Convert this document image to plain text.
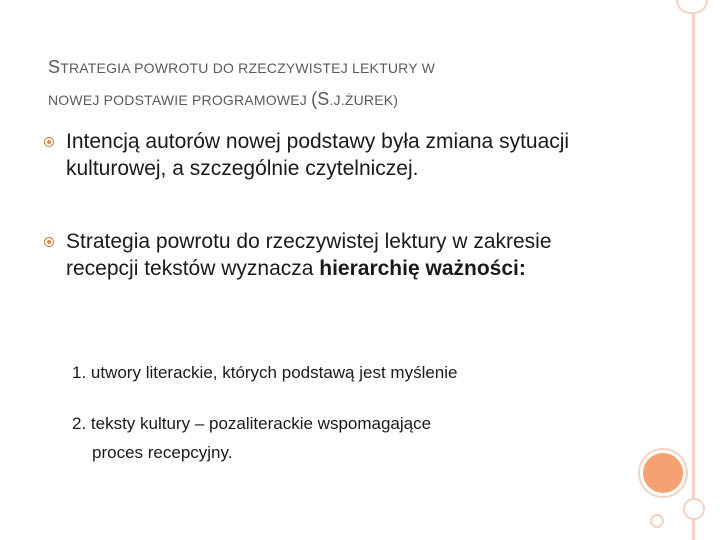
STRATEGIA POWROTU DO RZECZYWISTEJ LEKTURY W
NOWEJ PODSTAWIE PROGRAMOWEJ (S.J.ŻUREK)
Intencją autorów nowej podstawy była zmiana sytuacji kulturowej, a szczególnie czytelniczej.
Strategia powrotu do rzeczywistej lektury w zakresie recepcji tekstów wyznacza hierarchię ważności:
1. utwory literackie, których podstawą jest myślenie
2. teksty kultury – pozaliterackie wspomagające
proces recepcyjny.
